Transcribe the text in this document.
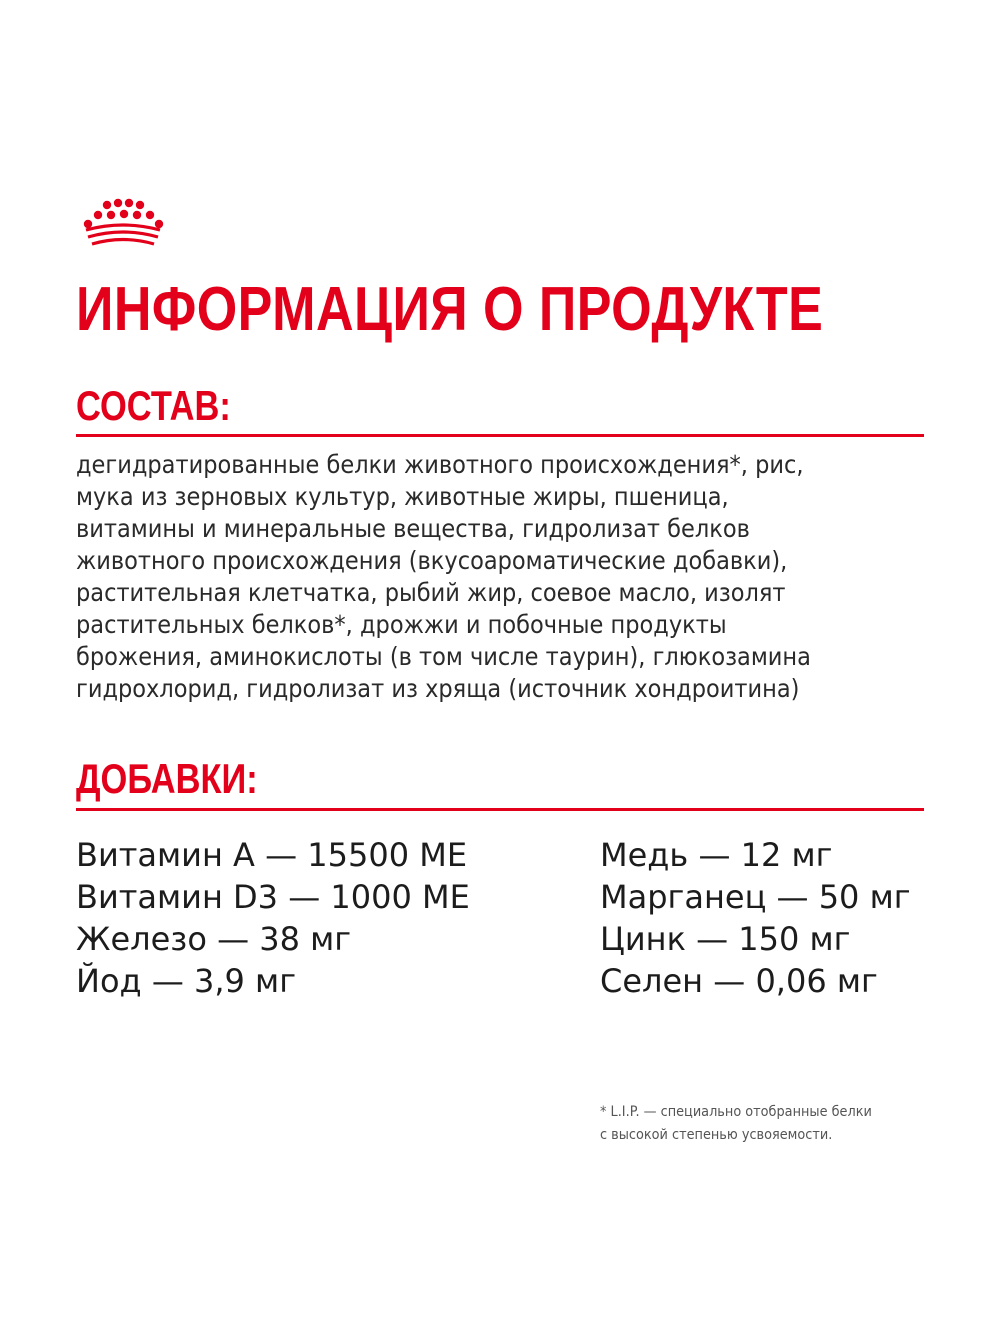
ИНФОРМАЦИЯ О ПРОДУКТЕ
СОСТАВ:
дегидратированные белки животного происхождения*, рис,
мука из зерновых культур, животные жиры, пшеница,
витамины и минеральные вещества, гидролизат белков
животного происхождения (вкусоароматические добавки),
растительная клетчатка, рыбий жир, соевое масло, изолят
растительных белков*, дрожжи и побочные продукты
брожения, аминокислоты (в том числе таурин), глюкозамина
гидрохлорид, гидролизат из хряща (источник хондроитина)
ДОБАВКИ:
Витамин A — 15500 МЕ
Витамин D3 — 1000 МЕ
Железо — 38 мг
Йод — 3,9 мг
Медь — 12 мг
Марганец — 50 мг
Цинк — 150 мг
Селен — 0,06 мг
* L.I.P. — специально отобранные белки
с высокой степенью усвояемости.
